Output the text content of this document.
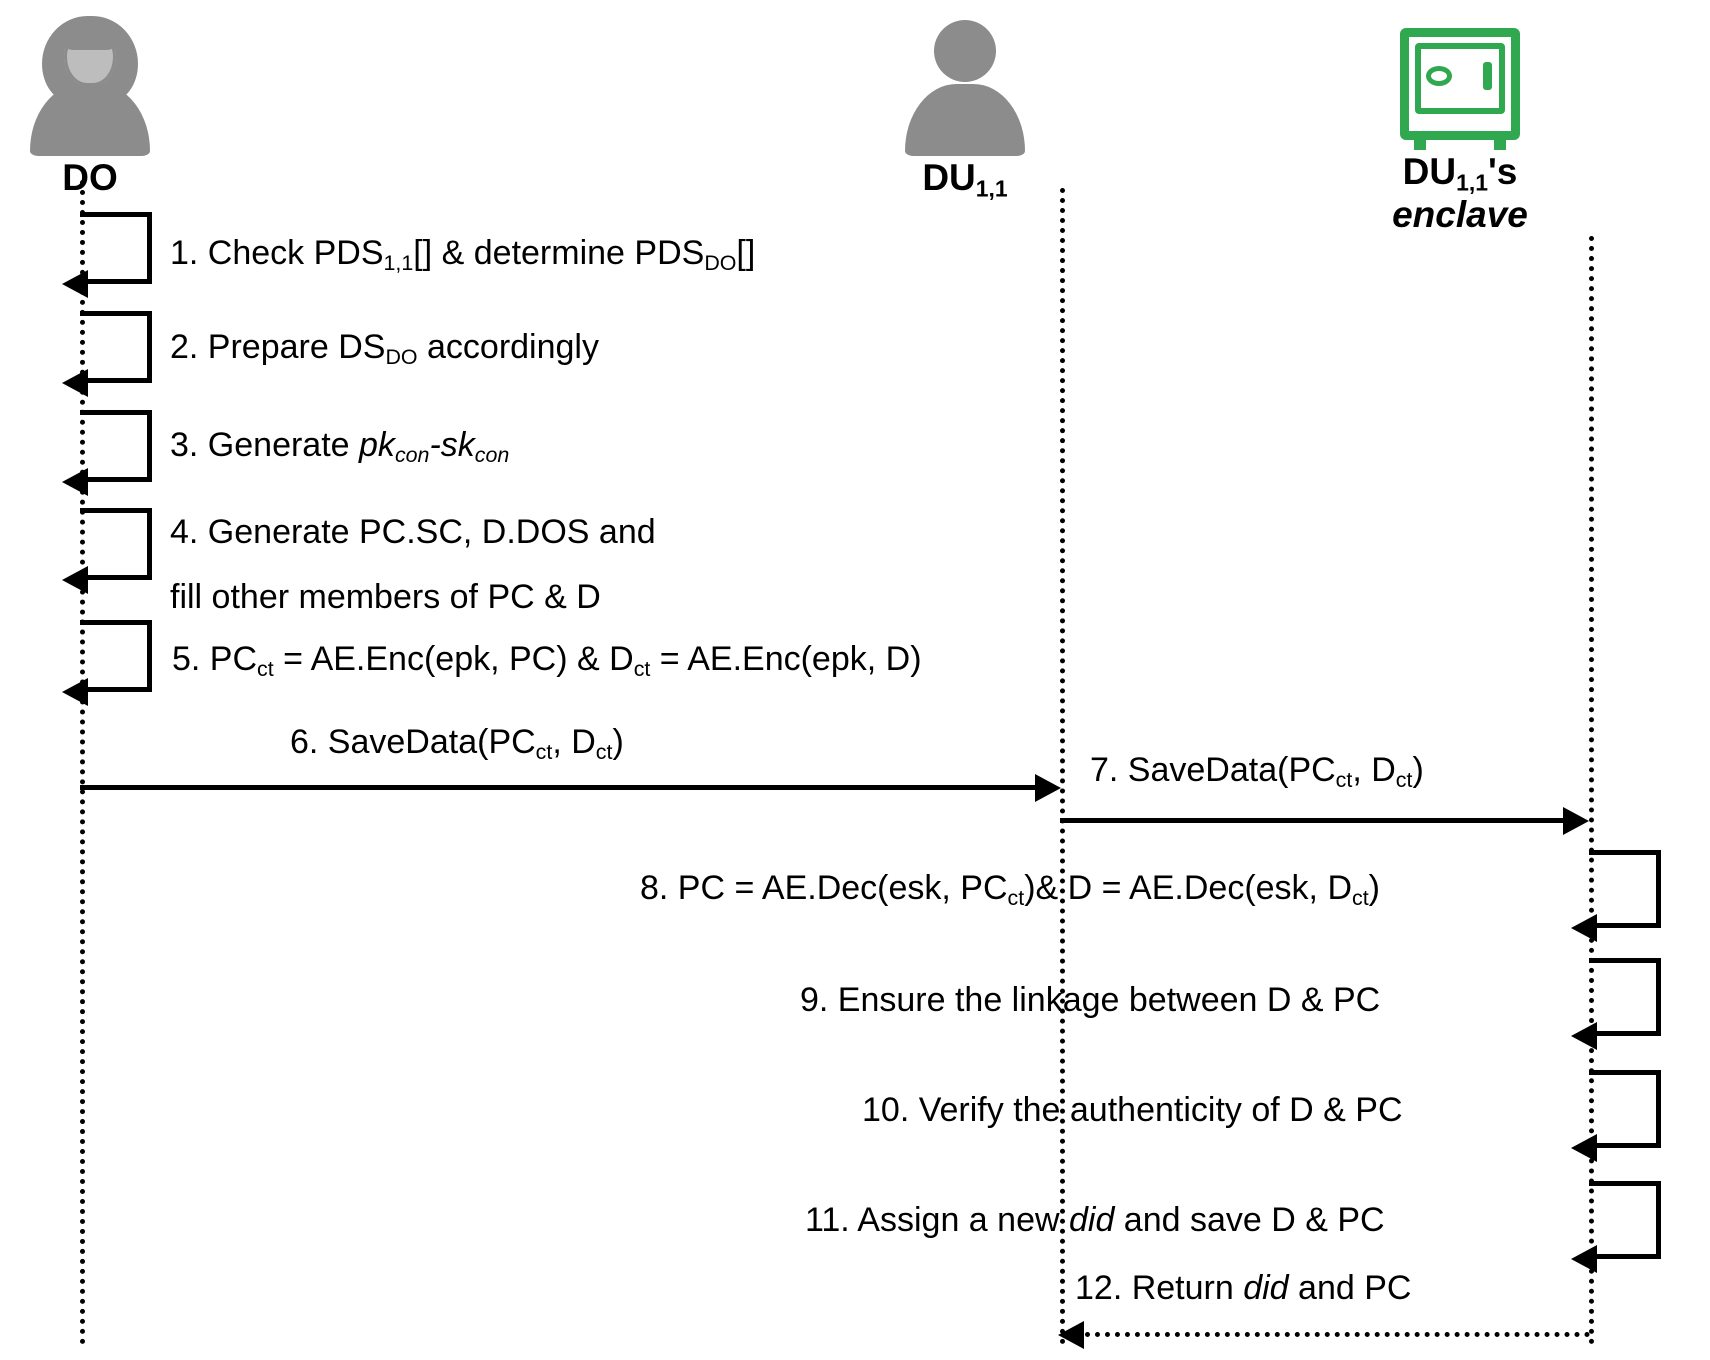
DO	$DU_{1,1}$	$DU_{1,1}'s$
enclave
1. Check PDS1,1[] & determine PDSDO[]
2. Prepare DSDO accordingly
3. Generate pkcon-skcon
4. Generate PC.SC, D.DOS and
fill other members of PC & D
5. PCct = AE.Enc(epk, PC) & Dct = AE.Enc(epk, D)
6. SaveData(PCct, Dct)
7. SaveData(PCct, Dct)
8. PC = AE.Dec(esk, PCct)& D = AE.Dec(esk, Dct)
9. Ensure the linkage between D & PC
10. Verify the authenticity of D & PC
11. Assign a new did and save D & PC
12. Return did and PC
